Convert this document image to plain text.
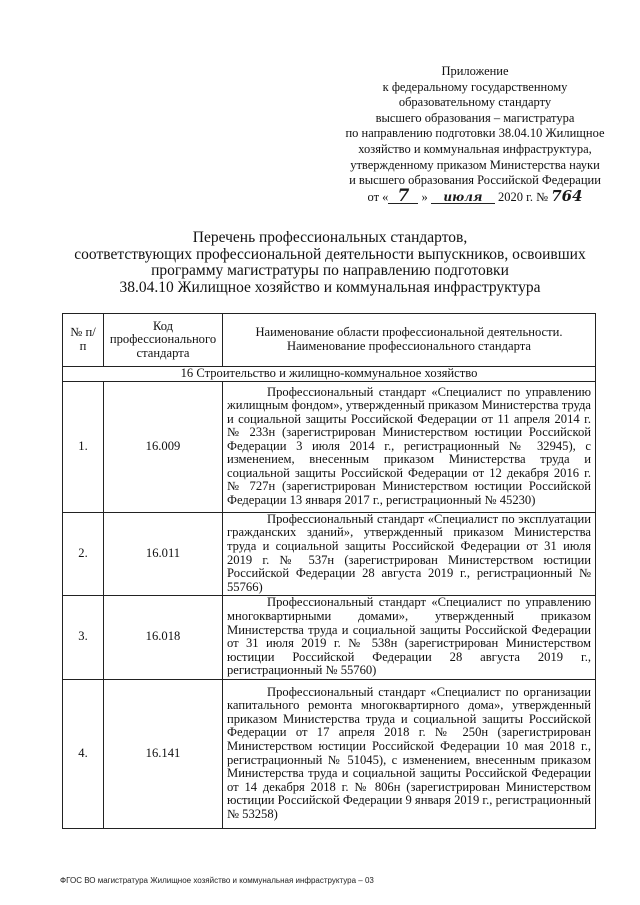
Приложение
к федеральному государственному
образовательному стандарту
высшего образования – магистратура
по направлению подготовки 38.04.10 Жилищное
хозяйство и коммунальная инфраструктура,
утвержденному приказом Министерства науки
и высшего образования Российской Федерации
от « 7 » июля 2020 г. № 764
Перечень профессиональных стандартов,
соответствующих профессиональной деятельности выпускников, освоивших
программу магистратуры по направлению подготовки
38.04.10 Жилищное хозяйство и коммунальная инфраструктура
№ п/п	Код профессионального стандарта	Наименование области профессиональной деятельности. Наименование профессионального стандарта
16 Строительство и жилищно-коммунальное хозяйство		
1.	16.009	Профессиональный стандарт «Специалист по управлению жилищным фондом», утвержденный приказом Министерства труда и социальной защиты Российской Федерации от 11 апреля 2014 г. № 233н (зарегистрирован Министерством юстиции Российской Федерации 3 июля 2014 г., регистрационный № 32945), с изменением, внесенным приказом Министерства труда и социальной защиты Российской Федерации от 12 декабря 2016 г. № 727н (зарегистрирован Министерством юстиции Российской Федерации 13 января 2017 г., регистрационный № 45230)
2.	16.011	Профессиональный стандарт «Специалист по эксплуатации гражданских зданий», утвержденный приказом Министерства труда и социальной защиты Российской Федерации от 31 июля 2019 г. № 537н (зарегистрирован Министерством юстиции Российской Федерации 28 августа 2019 г., регистрационный № 55766)
3.	16.018	Профессиональный стандарт «Специалист по управлению многоквартирными домами», утвержденный приказом Министерства труда и социальной защиты Российской Федерации от 31 июля 2019 г. № 538н (зарегистрирован Министерством юстиции Российской Федерации 28 августа 2019 г., регистрационный № 55760)
4.	16.141	Профессиональный стандарт «Специалист по организации капитального ремонта многоквартирного дома», утвержденный приказом Министерства труда и социальной защиты Российской Федерации от 17 апреля 2018 г. № 250н (зарегистрирован Министерством юстиции Российской Федерации 10 мая 2018 г., регистрационный № 51045), с изменением, внесенным приказом Министерства труда и социальной защиты Российской Федерации от 14 декабря 2018 г. № 806н (зарегистрирован Министерством юстиции Российской Федерации 9 января 2019 г., регистрационный № 53258)
ФГОС ВО магистратура Жилищное хозяйство и коммунальная инфраструктура – 03
